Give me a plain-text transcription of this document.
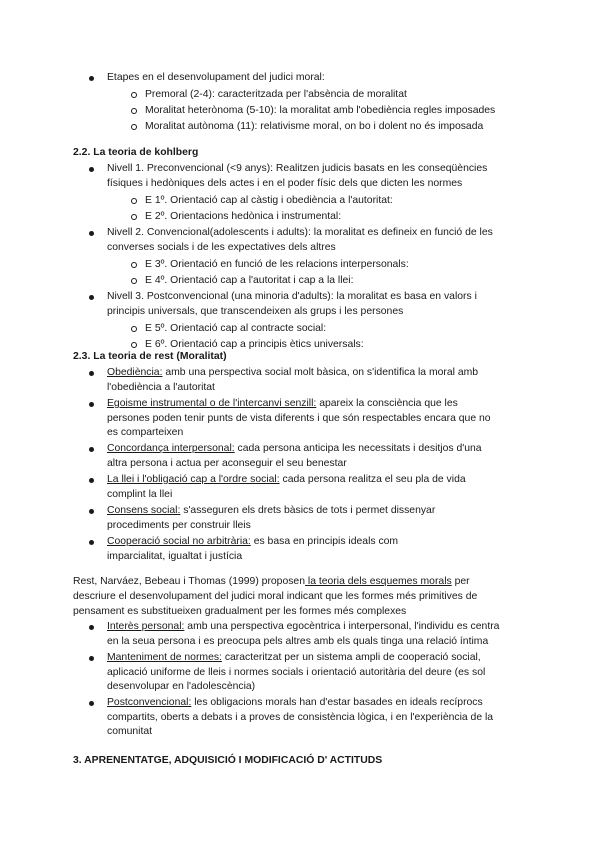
Etapes en el desenvolupament del judici moral:
Premoral (2-4): caracteritzada per l'absència de moralitat
Moralitat heterònoma (5-10): la moralitat amb l'obediència regles imposades
Moralitat autònoma (11): relativisme moral, on bo i dolent no és imposada
2.2. La teoria de kohlberg
Nivell 1. Preconvencional (<9 anys): Realitzen judicis basats en les conseqüències
físiques i hedòniques dels actes i en el poder físic dels que dicten les normes
E 1º. Orientació cap al càstig i obediència a l'autoritat:
E 2º. Orientacions hedònica i instrumental:
Nivell 2. Convencional(adolescents i adults): la moralitat es defineix en funció de les
converses socials i de les expectatives dels altres
E 3º. Orientació en funció de les relacions interpersonals:
E 4º. Orientació cap a l'autoritat i cap a la llei:
Nivell 3. Postconvencional (una minoria d'adults): la moralitat es basa en valors i
principis universals, que transcendeixen als grups i les persones
E 5º. Orientació cap al contracte social:
E 6º. Orientació cap a principis ètics universals:
2.3. La teoria de rest (Moralitat)
Obediència: amb una perspectiva social molt bàsica, on s'identifica la moral amb
l'obediència a l'autoritat
Egoisme instrumental o de l'intercanvi senzill: apareix la consciència que les
persones poden tenir punts de vista diferents i que són respectables encara que no
es comparteixen
Concordança interpersonal: cada persona anticipa les necessitats i desitjos d'una
altra persona i actua per aconseguir el seu benestar
La llei i l'obligació cap a l'ordre social: cada persona realitza el seu pla de vida
complint la llei
Consens social: s'asseguren els drets bàsics de tots i permet dissenyar
procediments per construir lleis
Cooperació social no arbitrària: es basa en principis ideals com
imparcialitat, igualtat i justícia
Rest, Narváez, Bebeau i Thomas (1999) proposen la teoria dels esquemes morals per
descriure el desenvolupament del judici moral indicant que les formes més primitives de
pensament es substitueixen gradualment per les formes més complexes
Interès personal: amb una perspectiva egocèntrica i interpersonal, l'individu es centra
en la seua persona i es preocupa pels altres amb els quals tinga una relació íntima
Manteniment de normes: caracteritzat per un sistema ampli de cooperació social,
aplicació uniforme de lleis i normes socials i orientació autoritària del deure (es sol
desenvolupar en l'adolescència)
Postconvencional: les obligacions morals han d'estar basades en ideals recíprocs
compartits, oberts a debats i a proves de consistència lògica, i en l'experiència de la
comunitat
3. APRENENTATGE, ADQUISICIÓ I MODIFICACIÓ D' ACTITUDS
